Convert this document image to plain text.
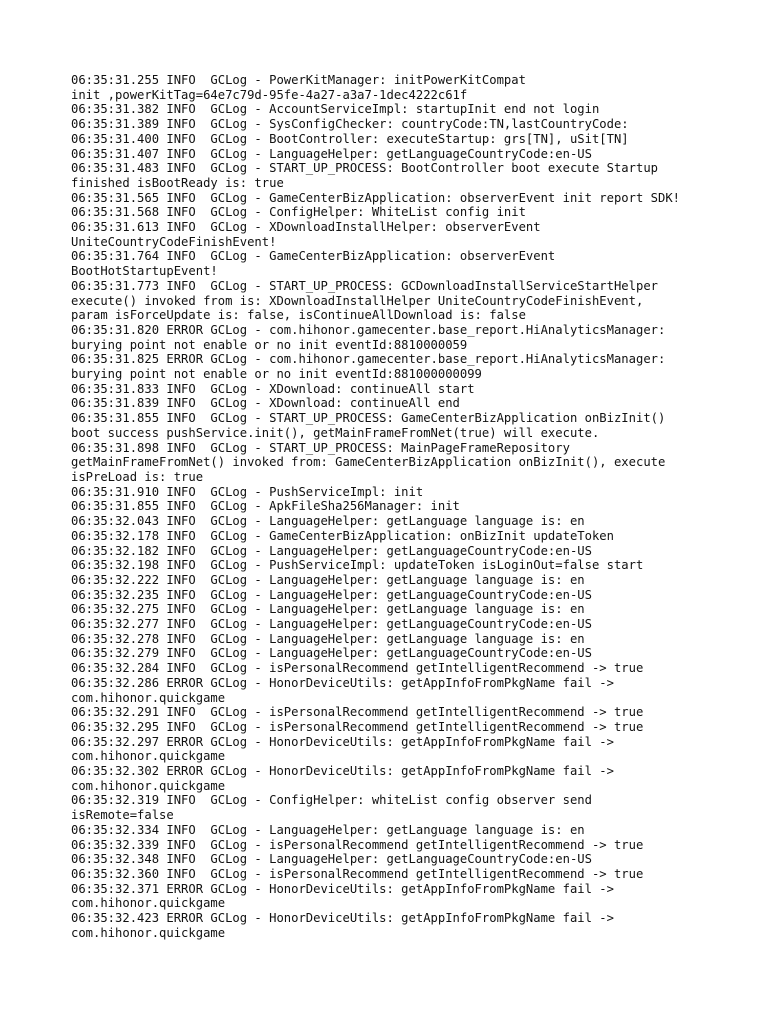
06:35:31.255 INFO  GCLog - PowerKitManager: initPowerKitCompat
init ,powerKitTag=64e7c79d-95fe-4a27-a3a7-1dec4222c61f
06:35:31.382 INFO  GCLog - AccountServiceImpl: startupInit end not login
06:35:31.389 INFO  GCLog - SysConfigChecker: countryCode:TN,lastCountryCode:
06:35:31.400 INFO  GCLog - BootController: executeStartup: grs[TN], uSit[TN]
06:35:31.407 INFO  GCLog - LanguageHelper: getLanguageCountryCode:en-US
06:35:31.483 INFO  GCLog - START_UP_PROCESS: BootController boot execute Startup
finished isBootReady is: true
06:35:31.565 INFO  GCLog - GameCenterBizApplication: observerEvent init report SDK!
06:35:31.568 INFO  GCLog - ConfigHelper: WhiteList config init
06:35:31.613 INFO  GCLog - XDownloadInstallHelper: observerEvent
UniteCountryCodeFinishEvent!
06:35:31.764 INFO  GCLog - GameCenterBizApplication: observerEvent
BootHotStartupEvent!
06:35:31.773 INFO  GCLog - START_UP_PROCESS: GCDownloadInstallServiceStartHelper
execute() invoked from is: XDownloadInstallHelper UniteCountryCodeFinishEvent,
param isForceUpdate is: false, isContinueAllDownload is: false
06:35:31.820 ERROR GCLog - com.hihonor.gamecenter.base_report.HiAnalyticsManager:
burying point not enable or no init eventId:8810000059
06:35:31.825 ERROR GCLog - com.hihonor.gamecenter.base_report.HiAnalyticsManager:
burying point not enable or no init eventId:881000000099
06:35:31.833 INFO  GCLog - XDownload: continueAll start
06:35:31.839 INFO  GCLog - XDownload: continueAll end
06:35:31.855 INFO  GCLog - START_UP_PROCESS: GameCenterBizApplication onBizInit()
boot success pushService.init(), getMainFrameFromNet(true) will execute.
06:35:31.898 INFO  GCLog - START_UP_PROCESS: MainPageFrameRepository
getMainFrameFromNet() invoked from: GameCenterBizApplication onBizInit(), execute
isPreLoad is: true
06:35:31.910 INFO  GCLog - PushServiceImpl: init
06:35:31.855 INFO  GCLog - ApkFileSha256Manager: init
06:35:32.043 INFO  GCLog - LanguageHelper: getLanguage language is: en
06:35:32.178 INFO  GCLog - GameCenterBizApplication: onBizInit updateToken
06:35:32.182 INFO  GCLog - LanguageHelper: getLanguageCountryCode:en-US
06:35:32.198 INFO  GCLog - PushServiceImpl: updateToken isLoginOut=false start
06:35:32.222 INFO  GCLog - LanguageHelper: getLanguage language is: en
06:35:32.235 INFO  GCLog - LanguageHelper: getLanguageCountryCode:en-US
06:35:32.275 INFO  GCLog - LanguageHelper: getLanguage language is: en
06:35:32.277 INFO  GCLog - LanguageHelper: getLanguageCountryCode:en-US
06:35:32.278 INFO  GCLog - LanguageHelper: getLanguage language is: en
06:35:32.279 INFO  GCLog - LanguageHelper: getLanguageCountryCode:en-US
06:35:32.284 INFO  GCLog - isPersonalRecommend getIntelligentRecommend -> true
06:35:32.286 ERROR GCLog - HonorDeviceUtils: getAppInfoFromPkgName fail ->
com.hihonor.quickgame
06:35:32.291 INFO  GCLog - isPersonalRecommend getIntelligentRecommend -> true
06:35:32.295 INFO  GCLog - isPersonalRecommend getIntelligentRecommend -> true
06:35:32.297 ERROR GCLog - HonorDeviceUtils: getAppInfoFromPkgName fail ->
com.hihonor.quickgame
06:35:32.302 ERROR GCLog - HonorDeviceUtils: getAppInfoFromPkgName fail ->
com.hihonor.quickgame
06:35:32.319 INFO  GCLog - ConfigHelper: whiteList config observer send
isRemote=false
06:35:32.334 INFO  GCLog - LanguageHelper: getLanguage language is: en
06:35:32.339 INFO  GCLog - isPersonalRecommend getIntelligentRecommend -> true
06:35:32.348 INFO  GCLog - LanguageHelper: getLanguageCountryCode:en-US
06:35:32.360 INFO  GCLog - isPersonalRecommend getIntelligentRecommend -> true
06:35:32.371 ERROR GCLog - HonorDeviceUtils: getAppInfoFromPkgName fail ->
com.hihonor.quickgame
06:35:32.423 ERROR GCLog - HonorDeviceUtils: getAppInfoFromPkgName fail ->
com.hihonor.quickgame
